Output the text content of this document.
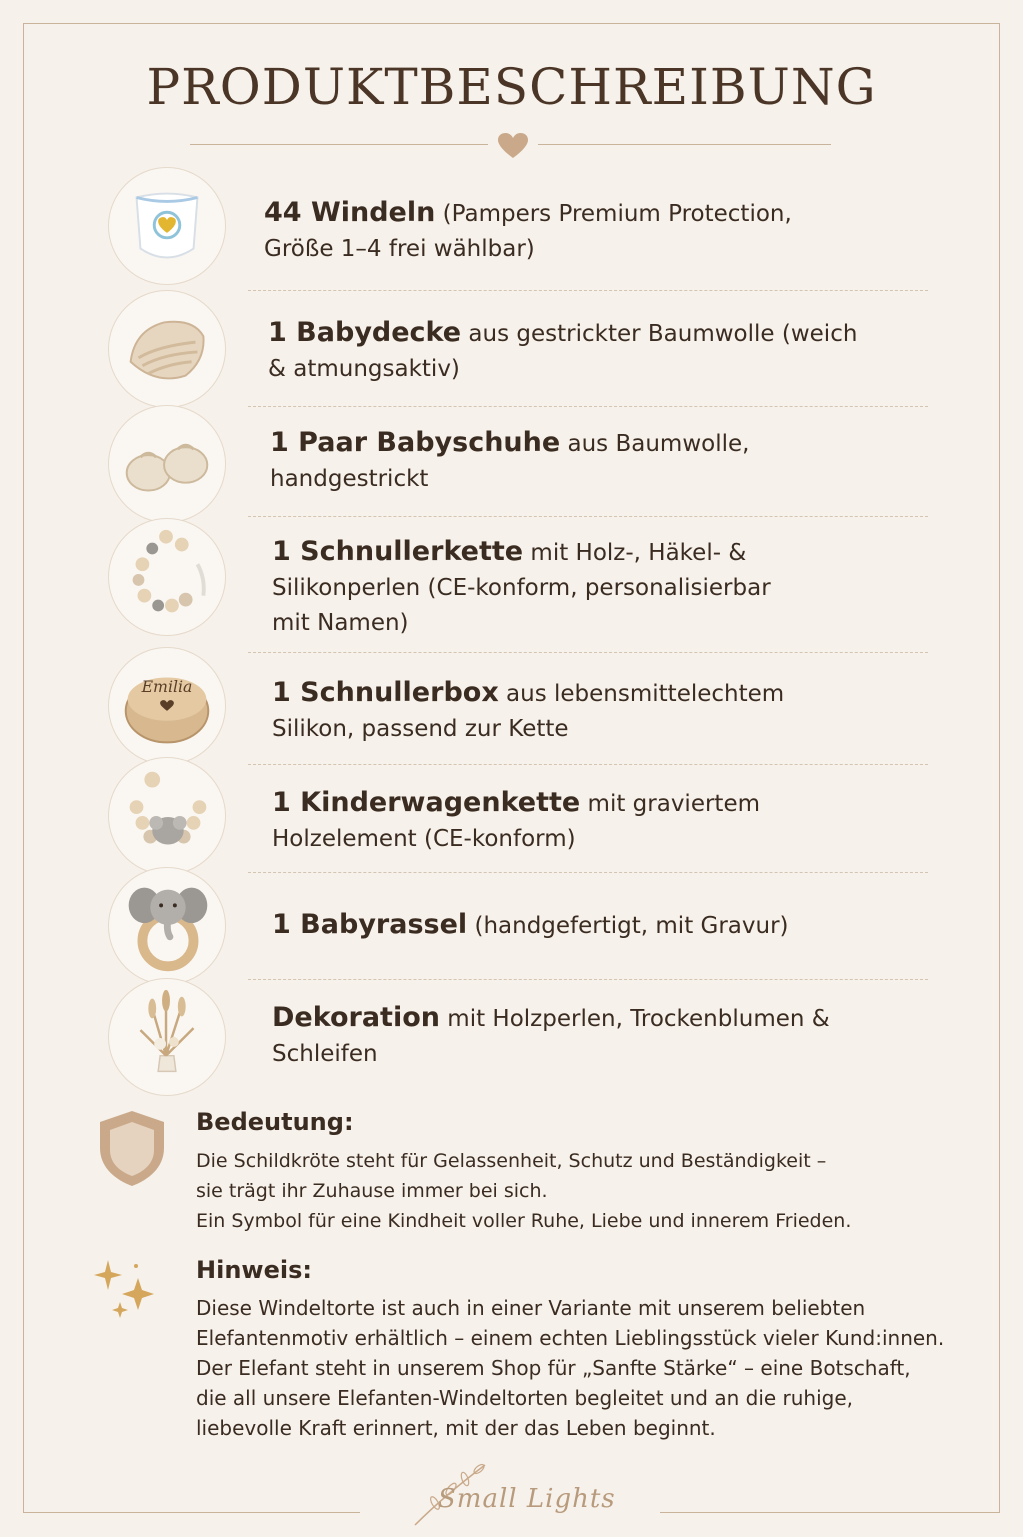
PRODUKTBESCHREIBUNG
44 Windeln (Pampers Premium Protection, Größe 1–4 frei wählbar)
1 Babydecke aus gestrickter Baumwolle (weich & atmungsaktiv)
1 Paar Babyschuhe aus Baumwolle, handgestrickt
1 Schnullerkette mit Holz-, Häkel- & Silikonperlen (CE-konform, personalisierbar mit Namen)
Emilia	1 Schnullerbox aus lebensmittelechtem Silikon, passend zur Kette
1 Kinderwagenkette mit graviertem Holzelement (CE-konform)
1 Babyrassel (handgefertigt, mit Gravur)
Dekoration mit Holzperlen, Trockenblumen & Schleifen
Bedeutung:
Die Schildkröte steht für Gelassenheit, Schutz und Beständigkeit –
sie trägt ihr Zuhause immer bei sich.
Ein Symbol für eine Kindheit voller Ruhe, Liebe und innerem Frieden.
Hinweis:
Diese Windeltorte ist auch in einer Variante mit unserem beliebten
Elefantenmotiv erhältlich – einem echten Lieblingsstück vieler Kund:innen.
Der Elefant steht in unserem Shop für „Sanfte Stärke“ – eine Botschaft,
die all unsere Elefanten-Windeltorten begleitet und an die ruhige,
liebevolle Kraft erinnert, mit der das Leben beginnt.
Small Lights
